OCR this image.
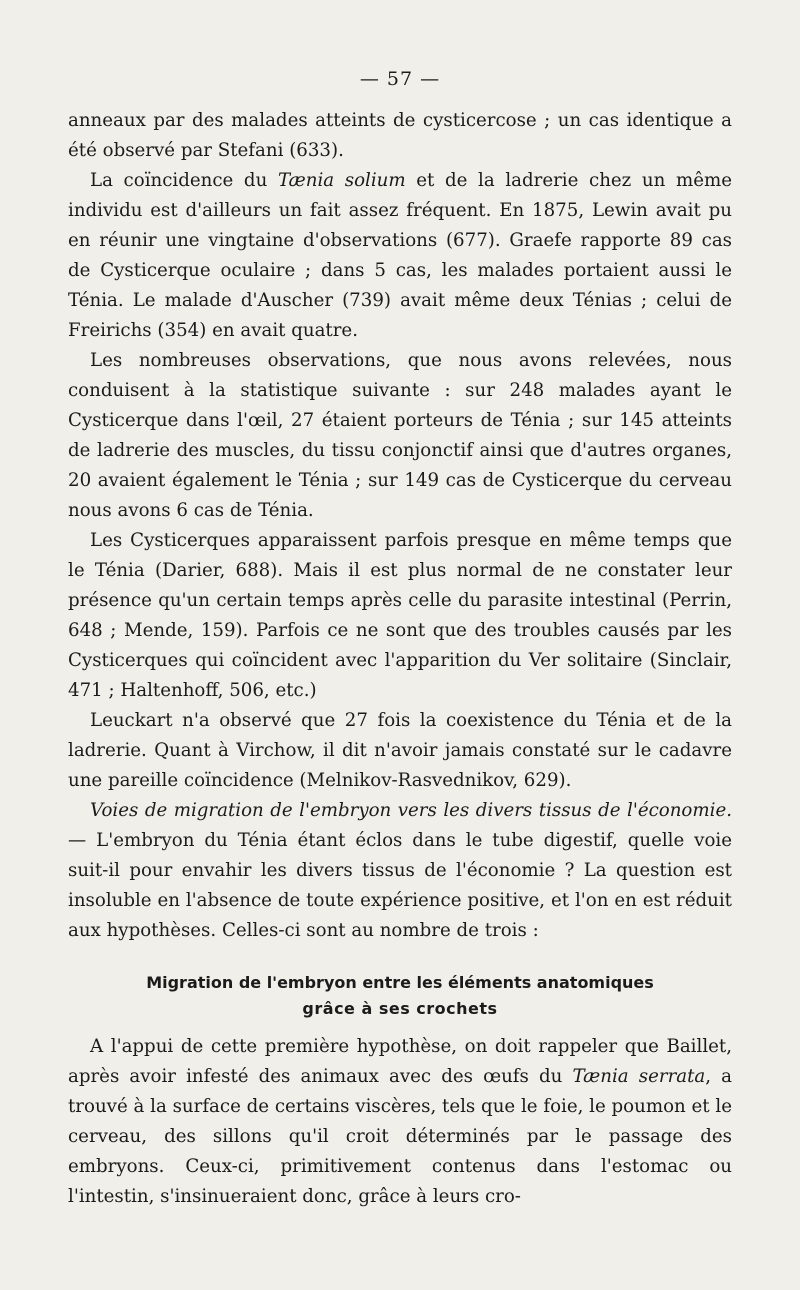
— 57 —

anneaux par des malades atteints de cysticercose ; un cas identique a été observé par Stefani (633).

La coïncidence du Tænia solium et de la ladrerie chez un même individu est d'ailleurs un fait assez fréquent. En 1875, Lewin avait pu en réunir une vingtaine d'observations (677). Graefe rapporte 89 cas de Cysticerque oculaire ; dans 5 cas, les malades portaient aussi le Ténia. Le malade d'Auscher (739) avait même deux Ténias ; celui de Freirichs (354) en avait quatre.

Les nombreuses observations, que nous avons relevées, nous conduisent à la statistique suivante : sur 248 malades ayant le Cysticerque dans l'œil, 27 étaient porteurs de Ténia ; sur 145 atteints de ladrerie des muscles, du tissu conjonctif ainsi que d'autres organes, 20 avaient également le Ténia ; sur 149 cas de Cysticerque du cerveau nous avons 6 cas de Ténia.

Les Cysticerques apparaissent parfois presque en même temps que le Ténia (Darier, 688). Mais il est plus normal de ne constater leur présence qu'un certain temps après celle du parasite intestinal (Perrin, 648 ; Mende, 159). Parfois ce ne sont que des troubles causés par les Cysticerques qui coïncident avec l'apparition du Ver solitaire (Sinclair, 471 ; Haltenhoff, 506, etc.)

Leuckart n'a observé que 27 fois la coexistence du Ténia et de la ladrerie. Quant à Virchow, il dit n'avoir jamais constaté sur le cadavre une pareille coïncidence (Melnikov-Rasvednikov, 629).

Voies de migration de l'embryon vers les divers tissus de l'économie. — L'embryon du Ténia étant éclos dans le tube digestif, quelle voie suit-il pour envahir les divers tissus de l'économie ? La question est insoluble en l'absence de toute expérience positive, et l'on en est réduit aux hypothèses. Celles-ci sont au nombre de trois :

Migration de l'embryon entre les éléments anatomiques
grâce à ses crochets

A l'appui de cette première hypothèse, on doit rappeler que Baillet, après avoir infesté des animaux avec des œufs du Tænia serrata, a trouvé à la surface de certains viscères, tels que le foie, le poumon et le cerveau, des sillons qu'il croit déterminés par le passage des embryons. Ceux-ci, primitivement contenus dans l'estomac ou l'intestin, s'insinueraient donc, grâce à leurs cro-
